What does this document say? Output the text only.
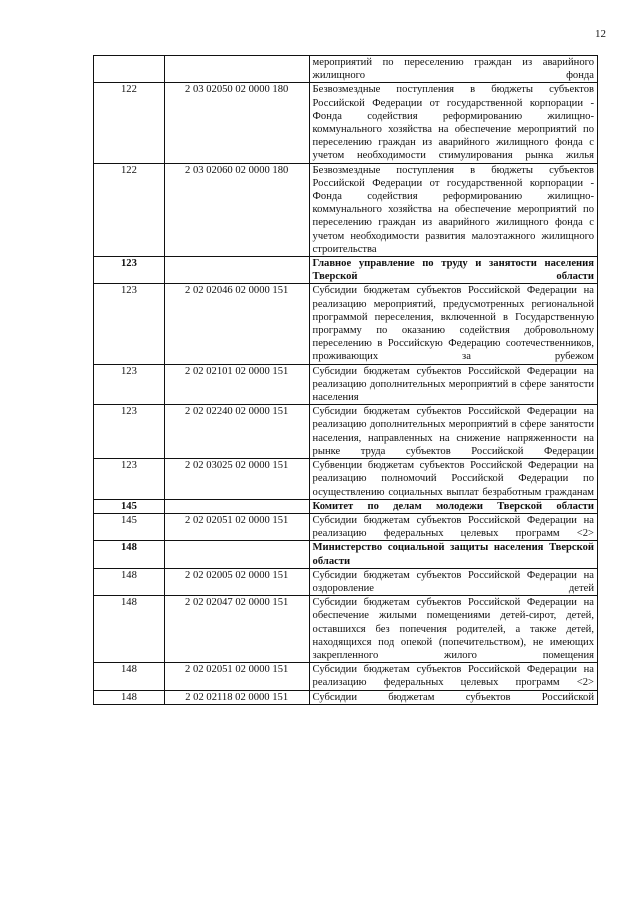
12
		мероприятий по переселению граждан из аварийного жилищного фонда
122	2 03 02050 02 0000 180	Безвозмездные поступления в бюджеты субъектов Российской Федерации от государственной корпорации - Фонда содействия реформированию жилищно-коммунального хозяйства на обеспечение мероприятий по переселению граждан из аварийного жилищного фонда с учетом необходимости стимулирования рынка жилья
122	2 03 02060 02 0000 180	Безвозмездные поступления в бюджеты субъектов Российской Федерации от государственной корпорации - Фонда содействия реформированию жилищно-коммунального хозяйства на обеспечение мероприятий по переселению граждан из аварийного жилищного фонда с учетом необходимости развития малоэтажного жилищного строительства
123		Главное управление по труду и занятости населения Тверской области
123	2 02 02046 02 0000 151	Субсидии бюджетам субъектов Российской Федерации на реализацию мероприятий, предусмотренных региональной программой переселения, включенной в Государственную программу по оказанию содействия добровольному переселению в Российскую Федерацию соотечественников, проживающих за рубежом
123	2 02 02101 02 0000 151	Субсидии бюджетам субъектов Российской Федерации на реализацию дополнительных мероприятий в сфере занятости населения
123	2 02 02240 02 0000 151	Субсидии бюджетам субъектов Российской Федерации на реализацию дополнительных мероприятий в сфере занятости населения, направленных на снижение напряженности на рынке труда субъектов Российской Федерации
123	2 02 03025 02 0000 151	Субвенции бюджетам субъектов Российской Федерации на реализацию полномочий Российской Федерации по осуществлению социальных выплат безработным гражданам
145		Комитет по делам молодежи Тверской области
145	2 02 02051 02 0000 151	Субсидии бюджетам субъектов Российской Федерации на реализацию федеральных целевых программ <2>
148		Министерство социальной защиты населения Тверской области
148	2 02 02005 02 0000 151	Субсидии бюджетам субъектов Российской Федерации на оздоровление детей
148	2 02 02047 02 0000 151	Субсидии бюджетам субъектов Российской Федерации на обеспечение жилыми помещениями детей-сирот, детей, оставшихся без попечения родителей, а также детей, находящихся под опекой (попечительством), не имеющих закрепленного жилого помещения
148	2 02 02051 02 0000 151	Субсидии бюджетам субъектов Российской Федерации на реализацию федеральных целевых программ <2>
148	2 02 02118 02 0000 151	Субсидии бюджетам субъектов Российской
